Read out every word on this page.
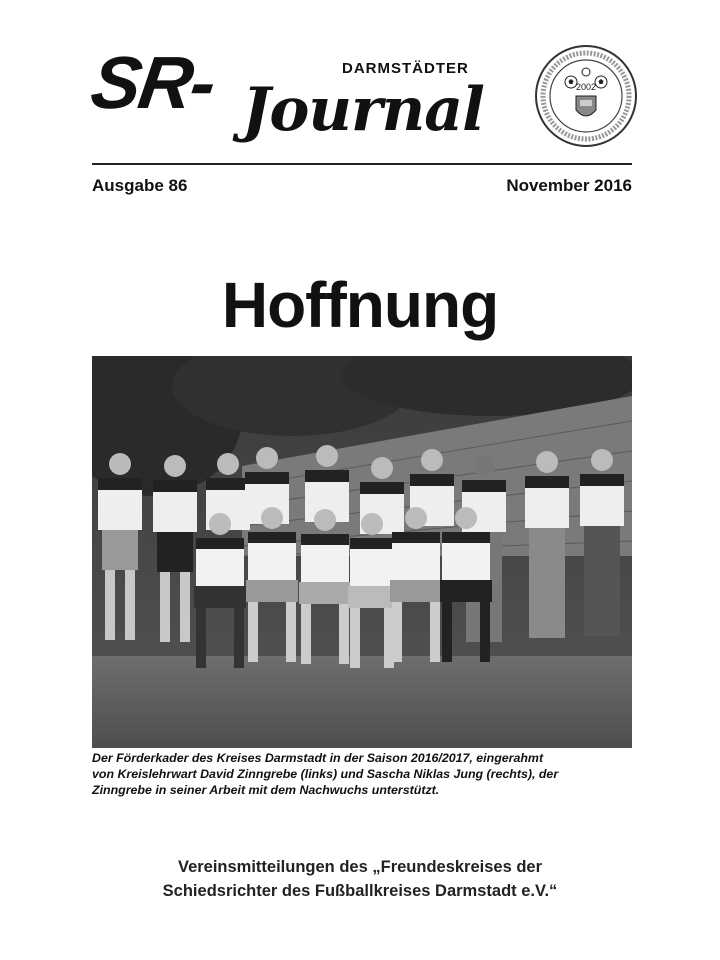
SR-	DARMSTÄDTER
Journal	2002
Ausgabe 86	November 2016
Hoffnung
Der Förderkader des Kreises Darmstadt in der Saison 2016/2017, eingerahmt
von Kreislehrwart David Zinngrebe (links) und Sascha Niklas Jung (rechts), der
Zinngrebe in seiner Arbeit mit dem Nachwuchs unterstützt.
Vereinsmitteilungen des „Freundeskreises der
Schiedsrichter des Fußballkreises Darmstadt e.V.“
